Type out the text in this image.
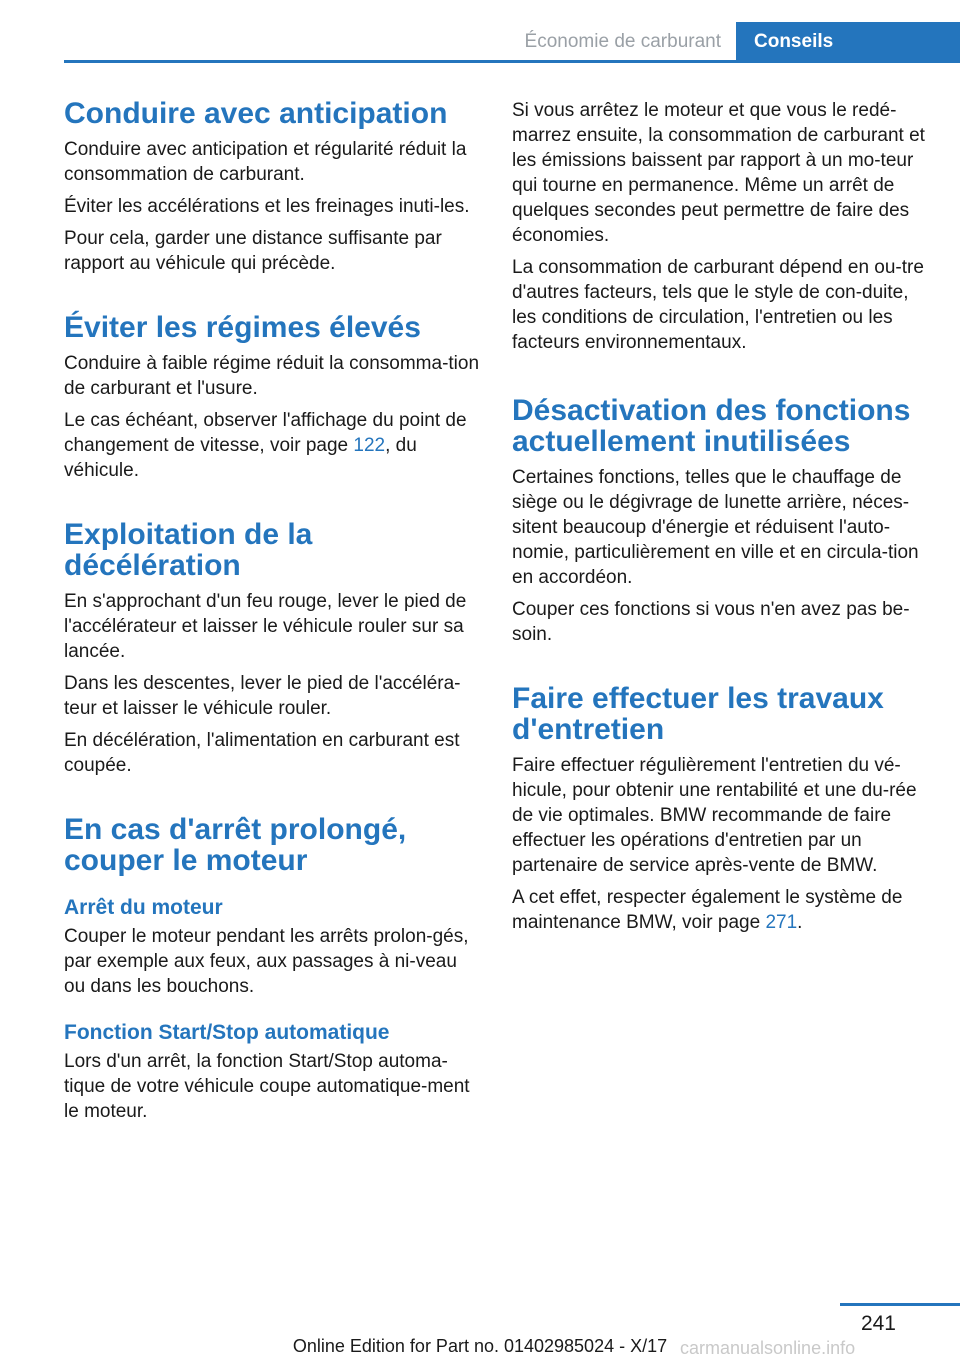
Économie de carburant	Conseils
Conduire avec anticipation

Conduire avec anticipation et régularité réduit la consommation de carburant.

Éviter les accélérations et les freinages inuti‐les.

Pour cela, garder une distance suffisante par rapport au véhicule qui précède.

Éviter les régimes élevés

Conduire à faible régime réduit la consomma‐tion de carburant et l'usure.

Le cas échéant, observer l'affichage du point de changement de vitesse, voir page 122, du véhicule.

Exploitation de la décélération

En s'approchant d'un feu rouge, lever le pied de l'accélérateur et laisser le véhicule rouler sur sa lancée.

Dans les descentes, lever le pied de l'accéléra‐teur et laisser le véhicule rouler.

En décélération, l'alimentation en carburant est coupée.

En cas d'arrêt prolongé, couper le moteur
Arrêt du moteur

Couper le moteur pendant les arrêts prolon‐gés, par exemple aux feux, aux passages à ni‐veau ou dans les bouchons.

Fonction Start/Stop automatique

Lors d'un arrêt, la fonction Start/Stop automa‐tique de votre véhicule coupe automatique‐ment le moteur.

Si vous arrêtez le moteur et que vous le redé‐marrez ensuite, la consommation de carburant et les émissions baissent par rapport à un mo‐teur qui tourne en permanence. Même un arrêt de quelques secondes peut permettre de faire des économies.

La consommation de carburant dépend en ou‐tre d'autres facteurs, tels que le style de con‐duite, les conditions de circulation, l'entretien ou les facteurs environnementaux.

Désactivation des fonctions actuellement inutilisées

Certaines fonctions, telles que le chauffage de siège ou le dégivrage de lunette arrière, néces‐sitent beaucoup d'énergie et réduisent l'auto‐nomie, particulièrement en ville et en circula‐tion en accordéon.

Couper ces fonctions si vous n'en avez pas be‐soin.

Faire effectuer les travaux d'entretien

Faire effectuer régulièrement l'entretien du vé‐hicule, pour obtenir une rentabilité et une du‐rée de vie optimales. BMW recommande de faire effectuer les opérations d'entretien par un partenaire de service après-vente de BMW.

A cet effet, respecter également le système de maintenance BMW, voir page 271.

241
Online Edition for Part no. 01402985024 - X/17 carmanualsonline.info
